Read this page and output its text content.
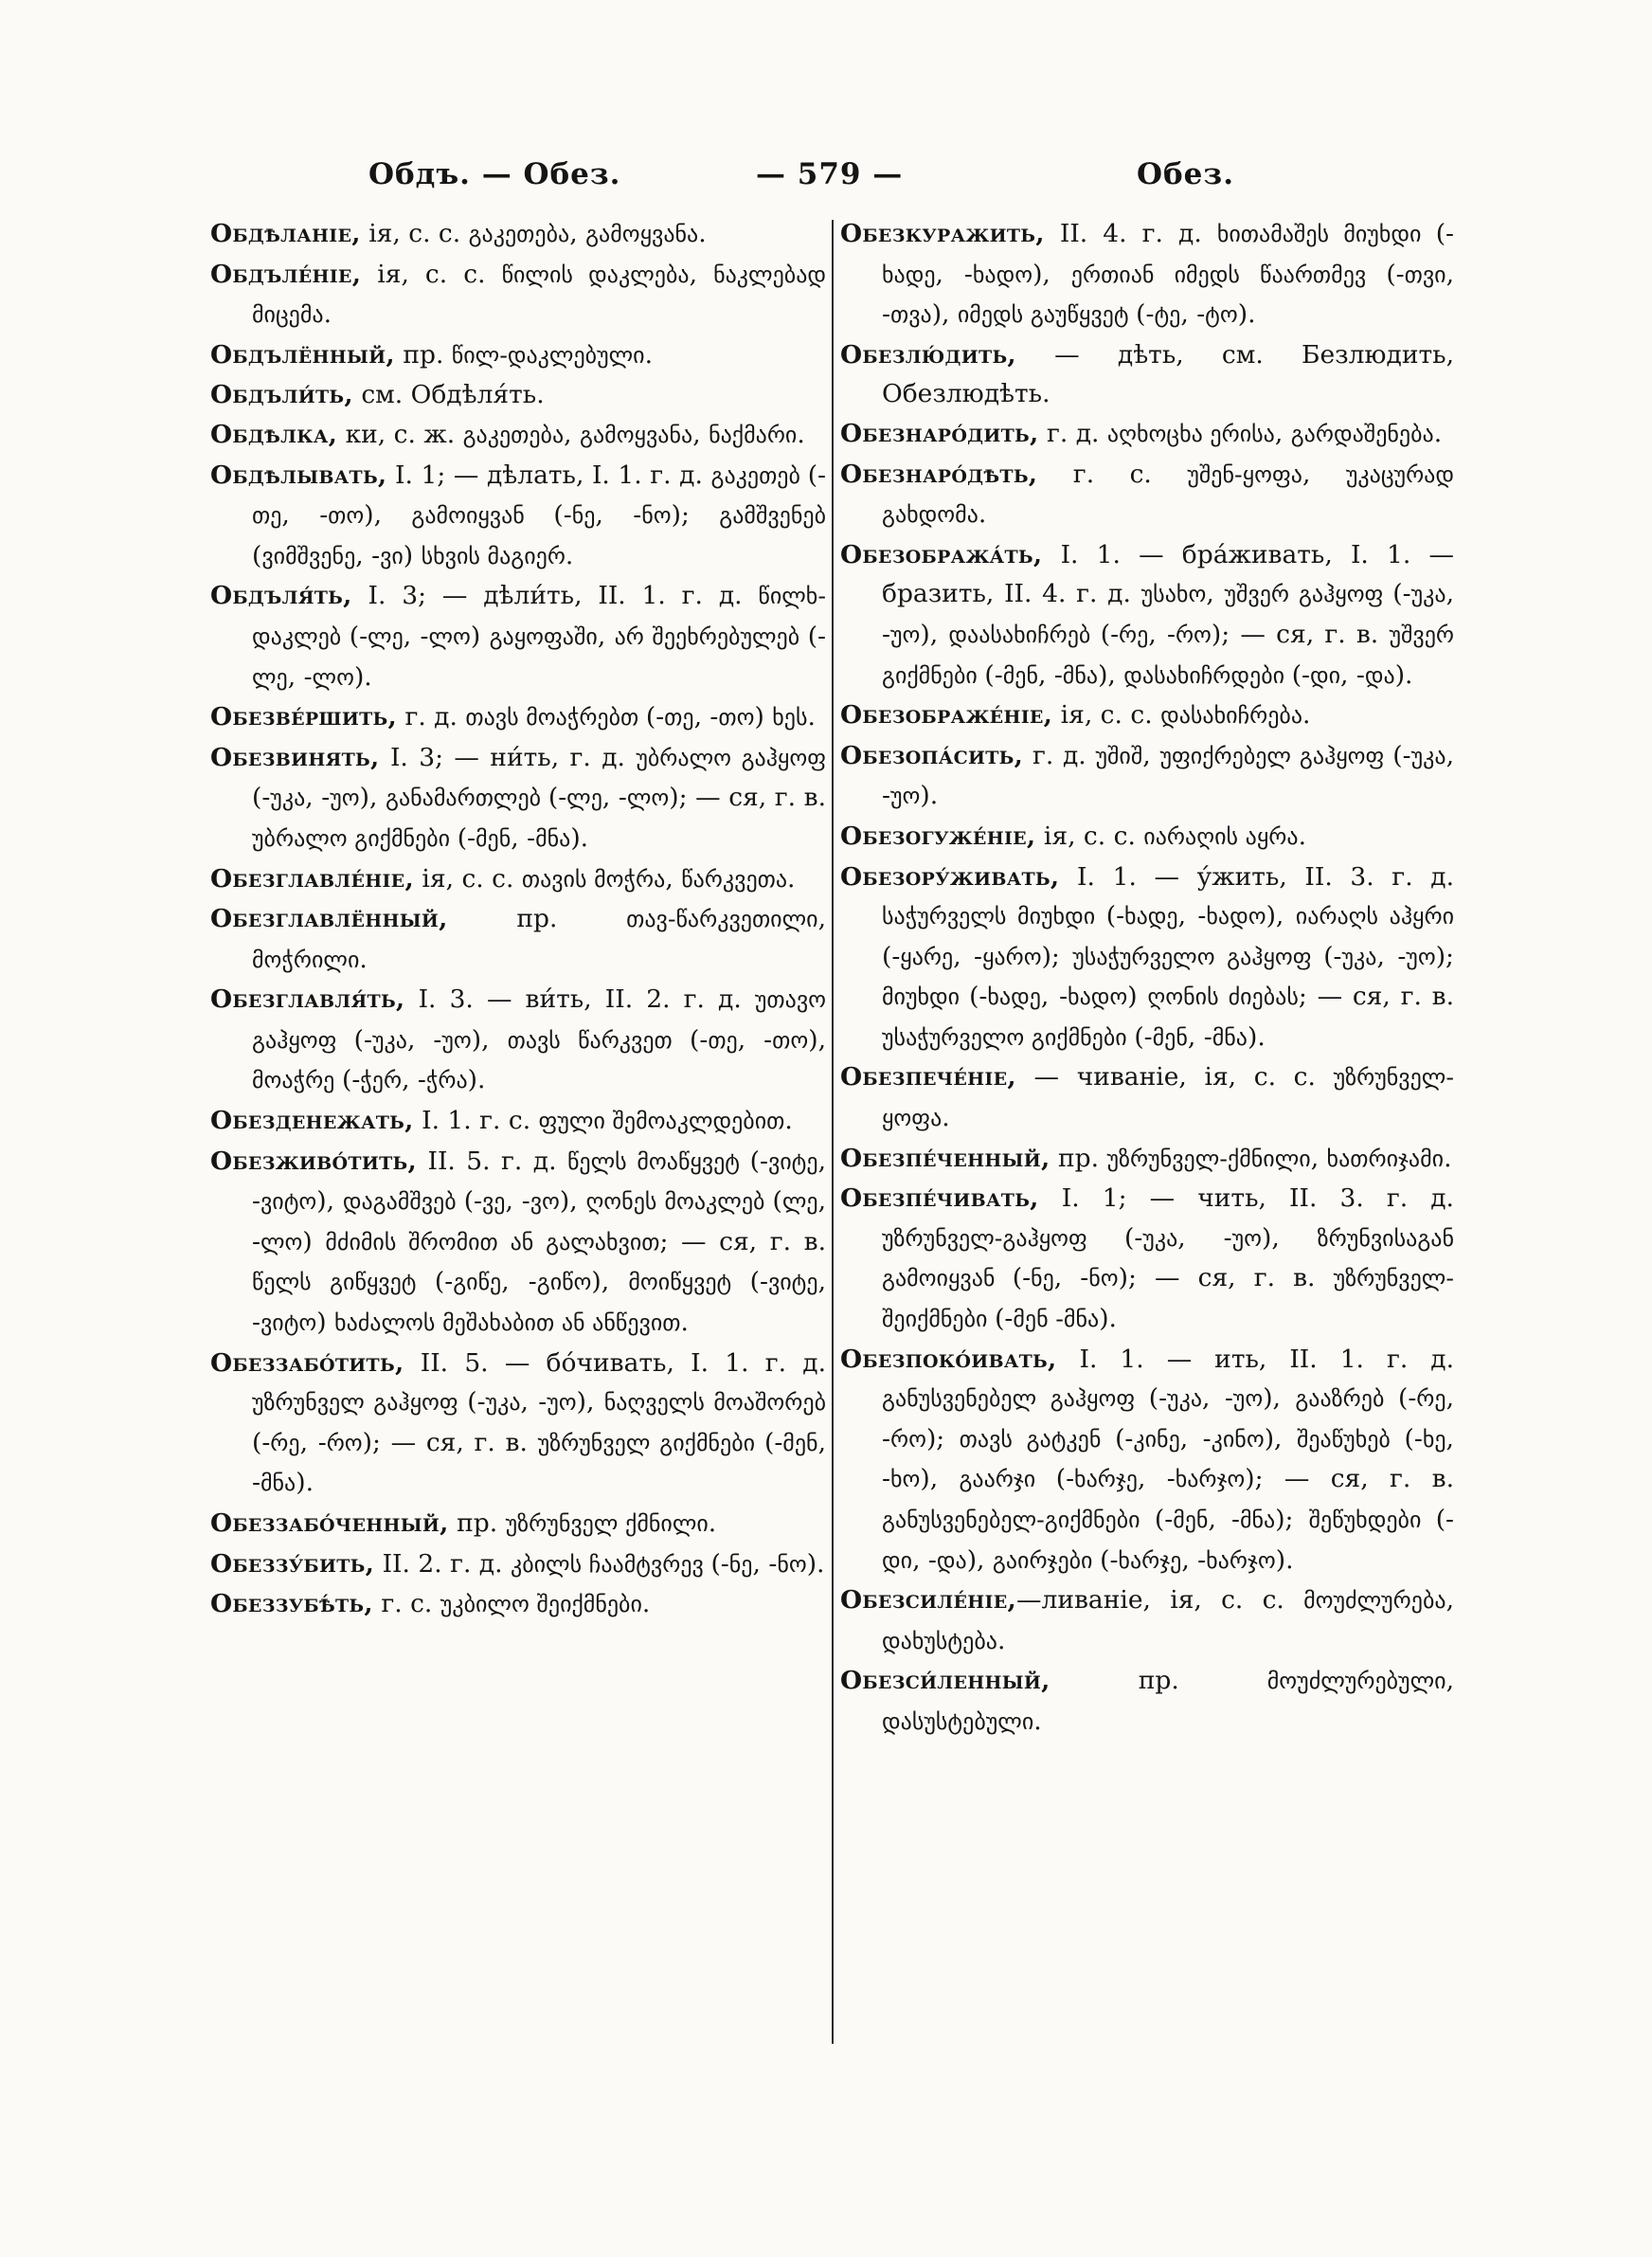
Обдъ. — Обез.	— 579 —	Обез.

Обдѣланіе, ія, с. с. გაკეთება, გამოყვანა.

Обдъле́ніе, ія, с. с. წილის დაკლება, ნაკლებად მიცემა.

Обдълённый, пр. წილ-დაკლებული.

Обдъли́ть, см. Обдѣля́ть.

Обдѣлка, ки, с. ж. გაკეთება, გამოყვანა, ნაქმარი.

Обдѣлывать, I. 1; — дѣлать, I. 1. г. д. გაკეთებ (-თე, -თო), გამოიყვან (-ნე, -ნო); გამშვენებ (ვიმშვენე, -ვი) სხვის მაგიერ.

Обдъля́ть, I. 3; — дѣли́ть, II. 1. г. д. წილხ-დაკლებ (-ლე, -ლო) გაყოფაში, არ შეეხრებულებ (-ლე, -ლო).

Обезве́ршить, г. д. თავს მოაჭრებთ (-თე, -თო) ხეს.

Обезвинять, I. 3; — ни́ть, г. д. უბრალო გაჰყოფ (-უკა, -უო), განამართლებ (-ლე, -ლო); — ся, г. в. უბრალო გიქმნები (-მენ, -მნა).

Обезглавле́ніе, ія, с. с. თავის მოჭრა, წარკვეთა.

Обезглавлённый, пр. თავ-წარკვეთილი, მოჭრილი.

Обезглавля́ть, I. 3. — ви́ть, II. 2. г. д. უთავო გაჰყოფ (-უკა, -უო), თავს წარკვეთ (-თე, -თო), მოაჭრე (-ჭერ, -ჭრა).

Обезденежать, I. 1. г. с. ფული შემოაკლდებით.

Обезживо́тить, II. 5. г. д. წელს მოაწყვეტ (-ვიტე, -ვიტო), დაგამშვებ (-ვე, -ვო), ღონეს მოაკლებ (ლე, -ლო) მძიმის შრომით ან გალახვით; — ся, г. в. წელს გიწყვეტ (-გიწე, -გიწო), მოიწყვეტ (-ვიტე, -ვიტო) ხაძალოს მეშახაბით ან ანწევით.

Обеззабо́тить, II. 5. — бо́чивать, I. 1. г. д. უზრუნველ გაჰყოფ (-უკა, -უო), ნაღველს მოაშორებ (-რე, -რო); — ся, г. в. უზრუნველ გიქმნები (-მენ, -მნა).

Обеззабо́ченный, пр. უზრუნველ ქმნილი.

Обеззу́бить, II. 2. г. д. კბილს ჩაამტვრევ (-ნე, -ნო).

Обеззубѣ́ть, г. с. უკბილო შეიქმნები.

Обезкуражить, II. 4. г. д. ხითამაშეს მიუხდი (-ხადე, -ხადო), ერთიან იმედს წაართმევ (-თვი, -თვა), იმედს გაუწყვეტ (-ტე, -ტო).

Обезлю́дить, — дѣть, см. Безлюдить, Обезлюдѣть.

Обезнаро́дить, г. д. აღხოცხა ერისა, გარდაშენება.

Обезнаро́дѣть, г. с. უშენ-ყოფა, უკაცურად გახდომა.

Обезобража́ть, I. 1. — бра́живать, I. 1. — бразить, II. 4. г. д. უსახო, უშვერ გაჰყოფ (-უკა, -უო), დაასახიჩრებ (-რე, -რო); — ся, г. в. უშვერ გიქმნები (-მენ, -მნა), დასახიჩრდები (-დი, -და).

Обезображе́ніе, ія, с. с. დასახიჩრება.

Обезопа́сить, г. д. უშიშ, უფიქრებელ გაჰყოფ (-უკა, -უო).

Обезогуже́ніе, ія, с. с. იარაღის აყრა.

Обезору́живать, I. 1. — у́жить, II. 3. г. д. საჭურველს მიუხდი (-ხადე, -ხადო), იარაღს აჰყრი (-ყარე, -ყარო); უსაჭურველო გაჰყოფ (-უკა, -უო); მიუხდი (-ხადე, -ხადო) ღონის ძიებას; — ся, г. в. უსაჭურველო გიქმნები (-მენ, -მნა).

Обезпече́ніе, — чиваніе, ія, с. с. უზრუნველ-ყოფა.

Обезпе́ченный, пр. უზრუნველ-ქმნილი, ხათრიჯამი.

Обезпе́чивать, I. 1; — чить, II. 3. г. д. უზრუნველ-გაჰყოფ (-უკა, -უო), ზრუნვისაგან გამოიყვან (-ნე, -ნო); — ся, г. в. უზრუნველ-შეიქმნები (-მენ -მნა).

Обезпоко́ивать, I. 1. — ить, II. 1. г. д. განუსვენებელ გაჰყოფ (-უკა, -უო), გააზრებ (-რე, -რო); თავს გატკენ (-კინე, -კინო), შეაწუხებ (-ხე, -ხო), გაარჯი (-ხარჯე, -ხარჯო); — ся, г. в. განუსვენებელ-გიქმნები (-მენ, -მნა); შეწუხდები (-დი, -და), გაირჯები (-ხარჯე, -ხარჯო).

Обезсиле́ніе,—ливаніе, ія, с. с. მოუძლურება, დახუსტება.

Обезси́ленный, пр. მოუძლურებული, დასუსტებული.
